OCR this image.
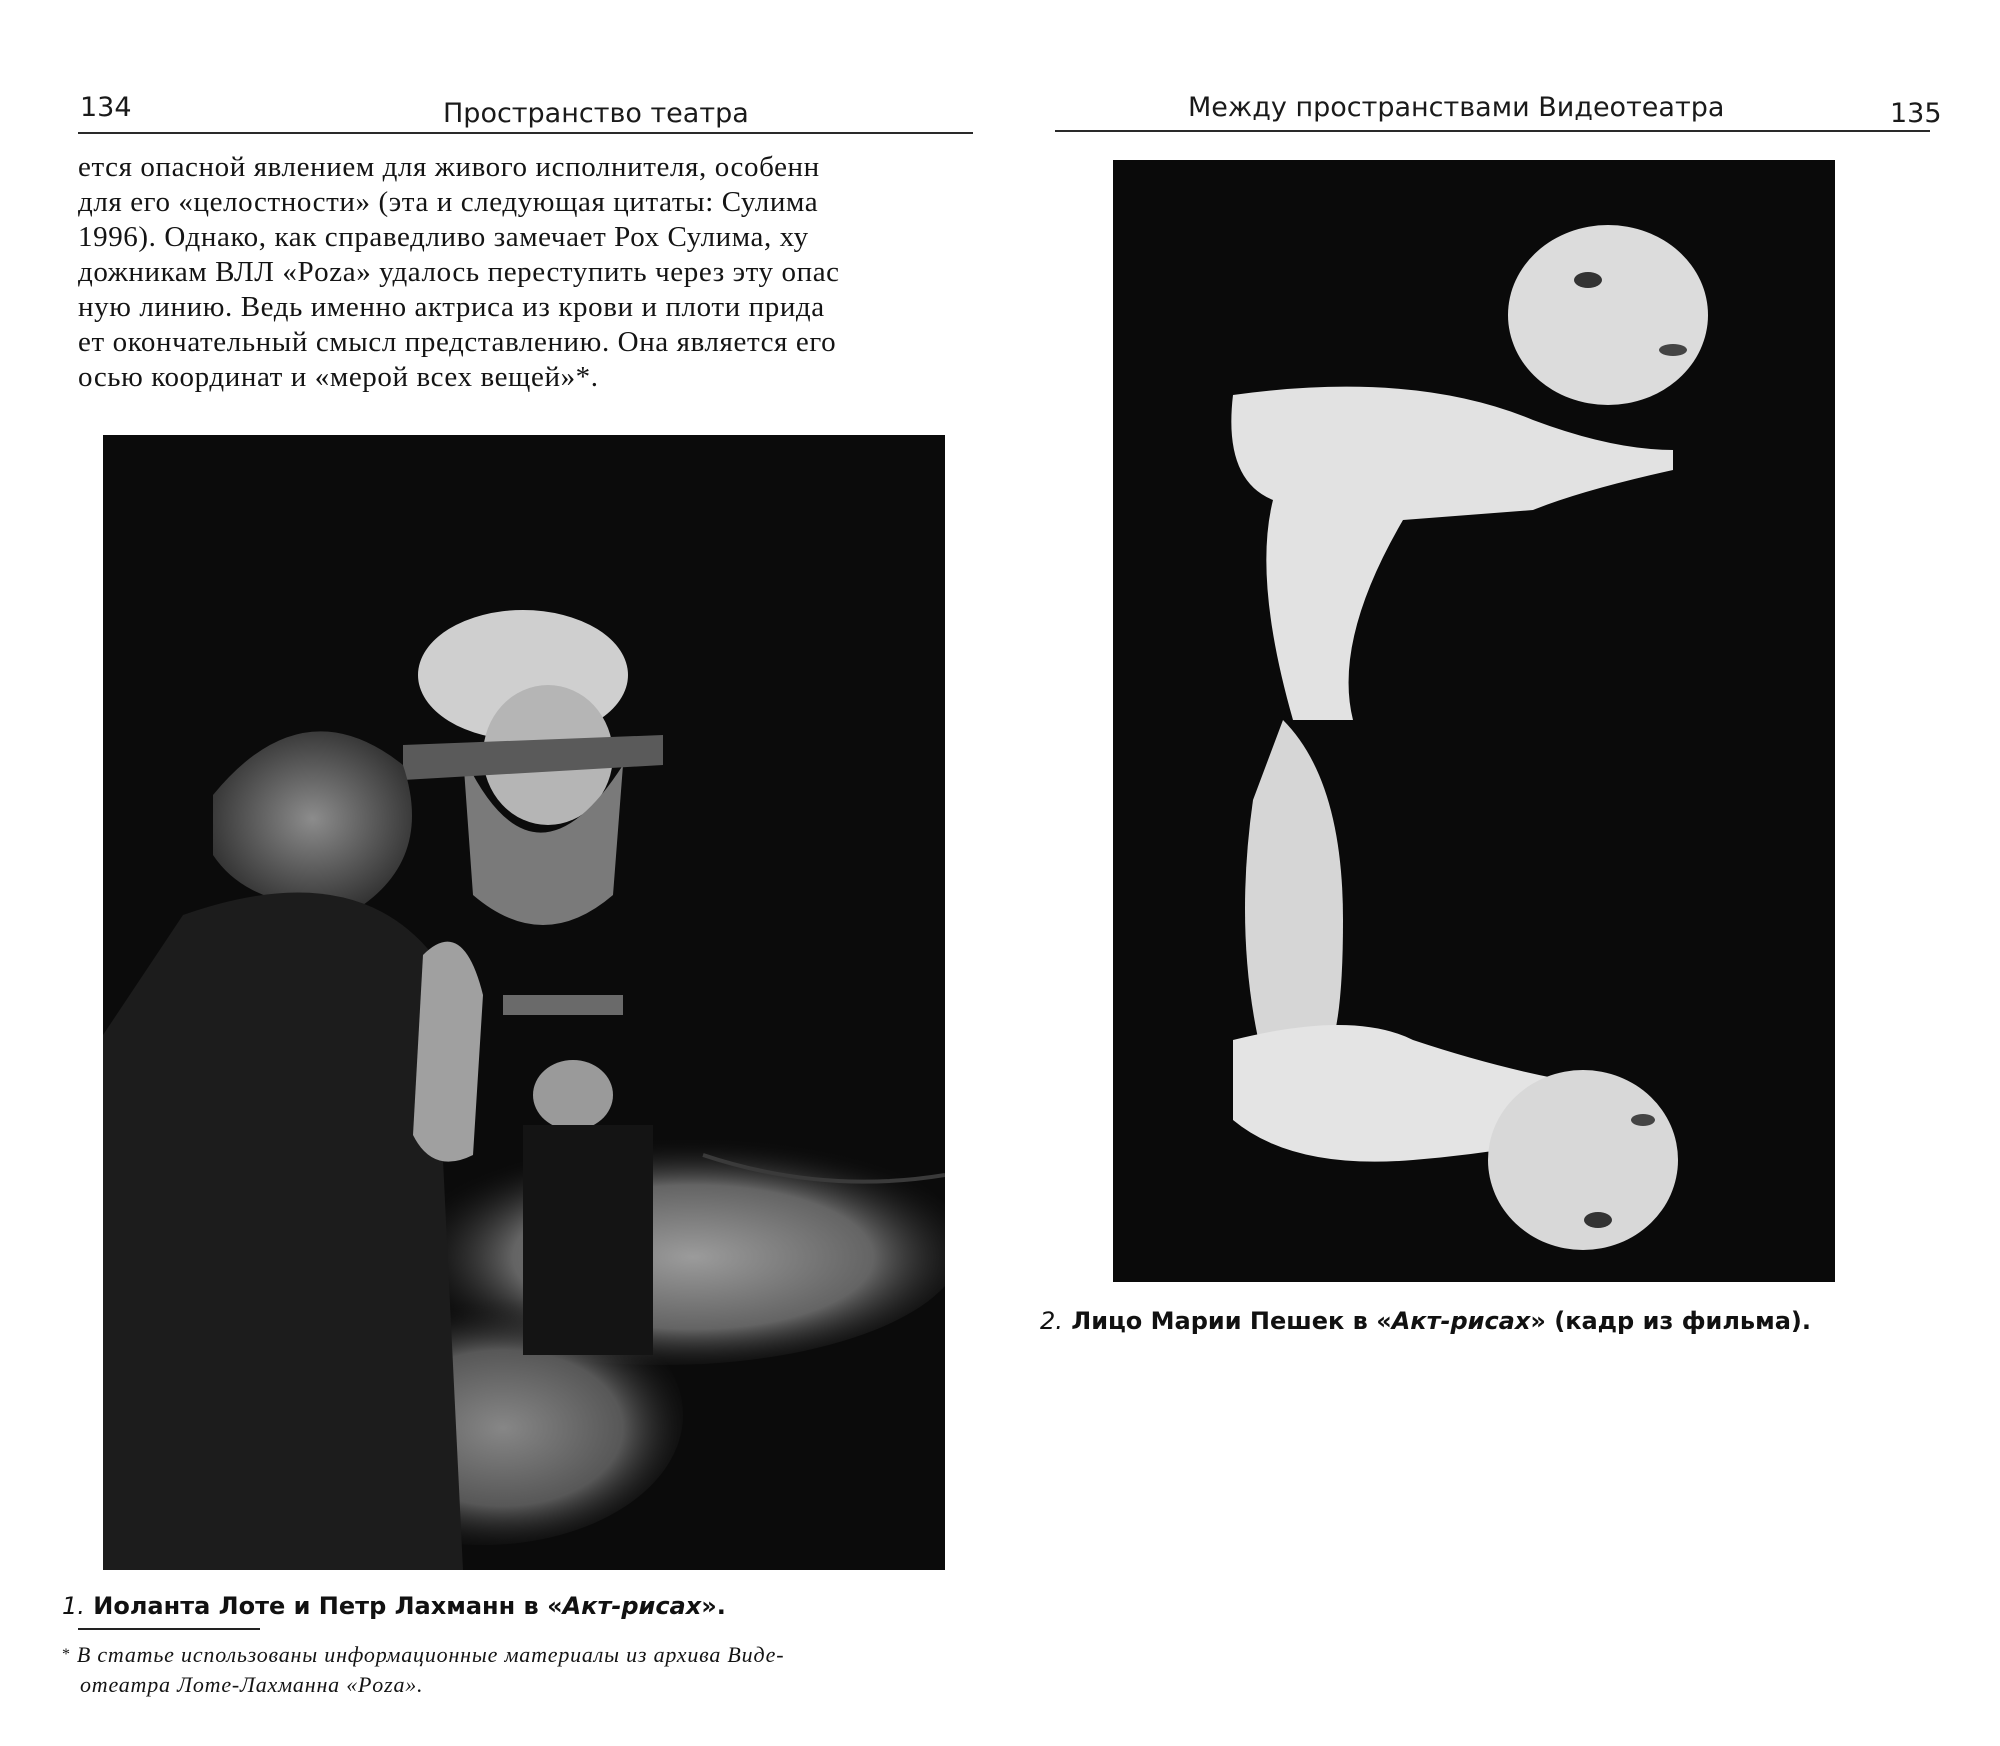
134	Пространство театра
ется опасной явлением для живого исполнителя, особенн
для его «целостности» (эта и следующая цитаты: Сулима
1996). Однако, как справедливо замечает Рох Сулима, ху
дожникам ВЛЛ «Poza» удалось переступить через эту опас
ную линию. Ведь именно актриса из крови и плоти прида
ет окончательный смысл представлению. Она является его
осью координат и «мерой всех вещей»*.
1. Иоланта Лоте и Петр Лахманн в «Акт-рисах».
* В статье использованы информационные материалы из архива Виде-
отеатра Лоте-Лахманна «Poza».
Между пространствами Видеотеатра	135
2. Лицо Марии Пешек в «Акт-рисах» (кадр из фильма).
